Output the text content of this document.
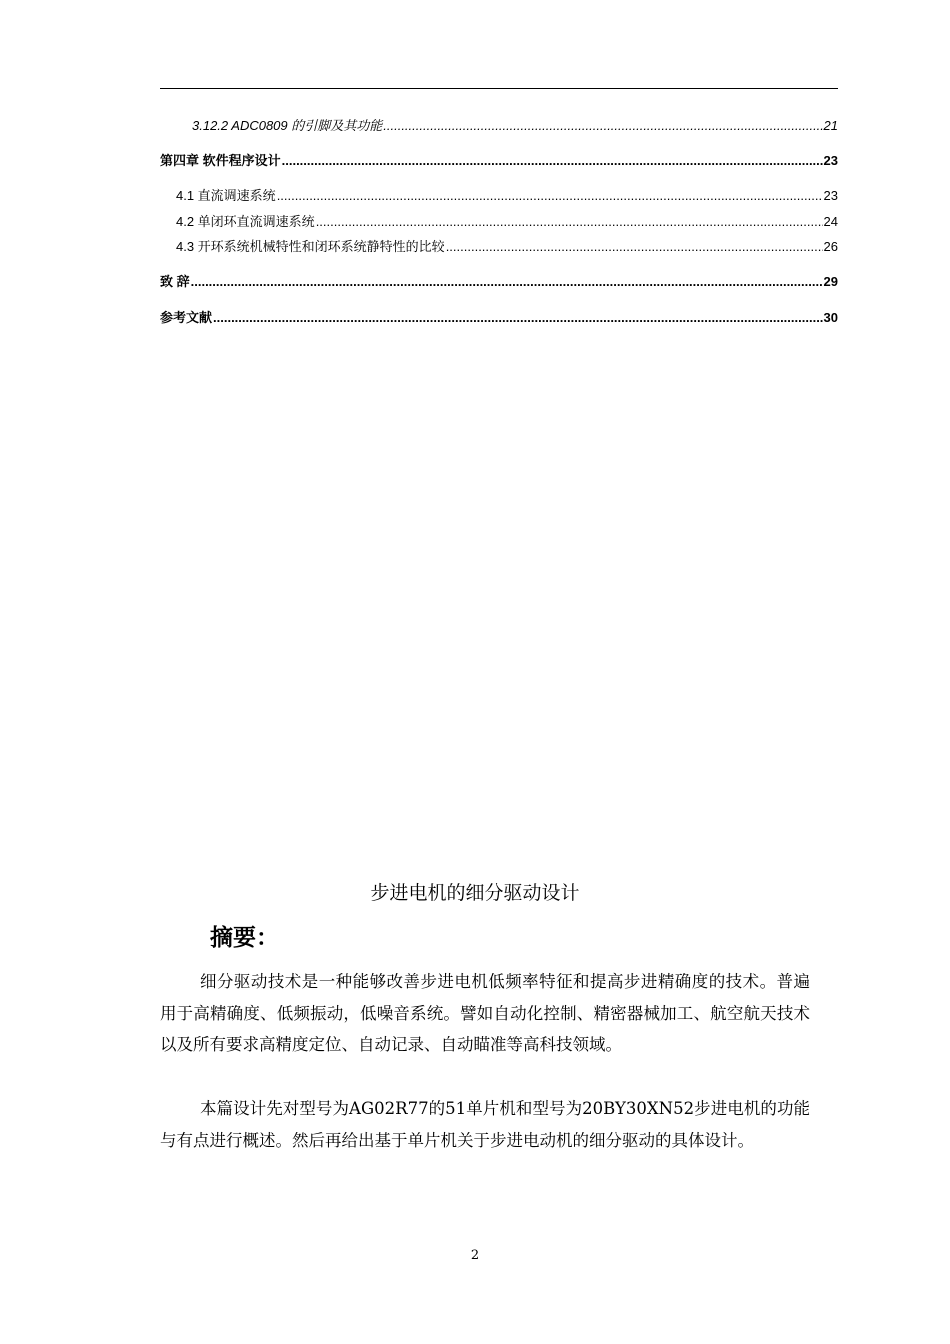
3.12.2 ADC0809 的引脚及其功能 .....	21
第四章 软件程序设计 .....	23
4.1 直流调速系统 .....	23
4.2 单闭环直流调速系统 .....	24
4.3 开环系统机械特性和闭环系统静特性的比较 .....	26
致 辞 .....	29
参考文献 .....	30
步进电机的细分驱动设计
摘要：
细分驱动技术是一种能够改善步进电机低频率特征和提高步进精确度的技术。普遍用于高精确度、低频振动，低噪音系统。譬如自动化控制、精密器械加工、航空航天技术以及所有要求高精度定位、自动记录、自动瞄准等高科技领域。
本篇设计先对型号为AG02R77的51单片机和型号为20BY30XN52步进电机的功能与有点进行概述。然后再给出基于单片机关于步进电动机的细分驱动的具体设计。
2
